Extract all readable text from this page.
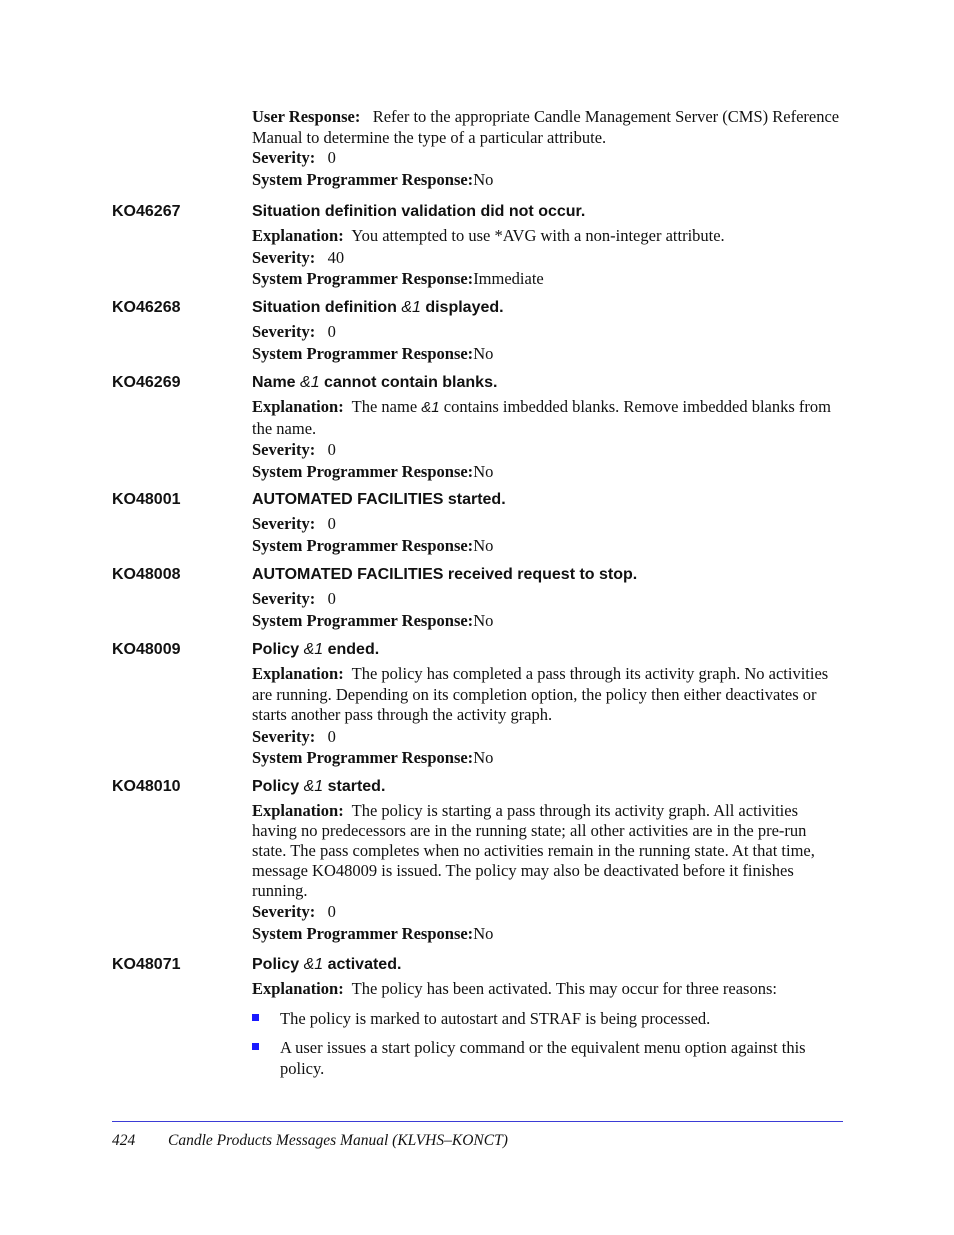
User Response: Refer to the appropriate Candle Management Server (CMS) Reference Manual to determine the type of a particular attribute.
Severity: 0
System Programmer Response:No
KO46267	Situation definition validation did not occur.
Explanation: You attempted to use *AVG with a non-integer attribute.
Severity: 40
System Programmer Response:Immediate
KO46268	Situation definition &1 displayed.
Severity: 0
System Programmer Response:No
KO46269	Name &1 cannot contain blanks.
Explanation: The name &1 contains imbedded blanks. Remove imbedded blanks from the name.
Severity: 0
System Programmer Response:No
KO48001	AUTOMATED FACILITIES started.
Severity: 0
System Programmer Response:No
KO48008	AUTOMATED FACILITIES received request to stop.
Severity: 0
System Programmer Response:No
KO48009	Policy &1 ended.
Explanation: The policy has completed a pass through its activity graph. No activities are running. Depending on its completion option, the policy then either deactivates or starts another pass through the activity graph.
Severity: 0
System Programmer Response:No
KO48010	Policy &1 started.
Explanation: The policy is starting a pass through its activity graph. All activities having no predecessors are in the running state; all other activities are in the pre-run state. The pass completes when no activities remain in the running state. At that time, message KO48009 is issued. The policy may also be deactivated before it finishes running.
Severity: 0
System Programmer Response:No
KO48071	Policy &1 activated.
Explanation: The policy has been activated. This may occur for three reasons:
The policy is marked to autostart and STRAF is being processed.
A user issues a start policy command or the equivalent menu option against this policy.
424 Candle Products Messages Manual (KLVHS–KONCT)
